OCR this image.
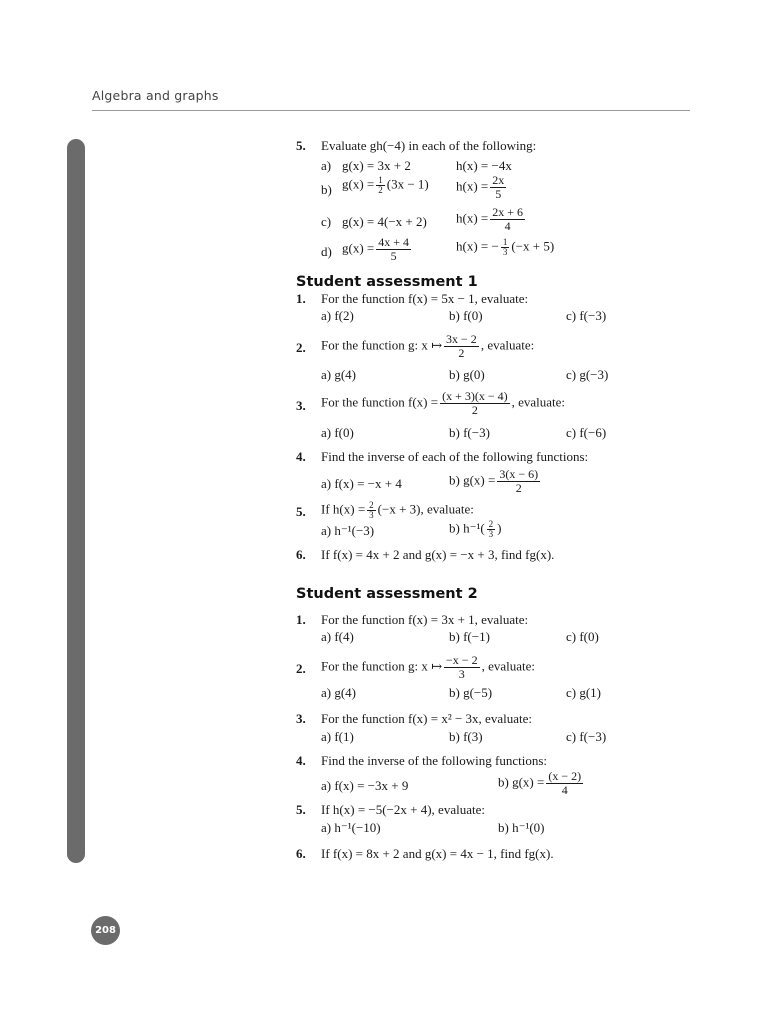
Algebra and graphs
208
5. Evaluate gh(−4) in each of the following:
a) g(x) = 3x + 2	h(x) = −4x
b) $g(x) = \frac{1}{2} (3x - 1) h(x) = \frac{2x}{5}$
c) g(x) = 4(−x + 2) $h(x) = \frac{2x + 6}{4}$
d) $g(x) = \frac{4x + 4}{5}$	h(x) = − $\frac{1}{3} (-x + 5)$
Student assessment 1
1. For the function f(x) = 5x − 1, evaluate:
a) f(2)	b) f(0)	c) f(−3)
2. For the function g: x ↦ $\frac{3x - 2}{2}$ , evaluate:
a) g(4)	b) g(0)	c) g(−3)
3. For the function $f(x) = \frac{(x + 3)(x - 4)}{2}$ , evaluate:
a) f(0)	b) f(−3)	c) f(−6)
4. Find the inverse of each of the following functions:
a) f(x) = −x + 4	b) $g(x) = \frac{3(x - 6)}{2}$
5. If $h(x) = \frac{2}{3} (-x + 3)$, evaluate:
a) h⁻¹(−3)	b) $h^{-1}( \frac{2}{3}$ )
6. If f(x) = 4x + 2 and g(x) = −x + 3, find fg(x).
Student assessment 2
1. For the function f(x) = 3x + 1, evaluate:
a) f(4)	b) f(−1)	c) f(0)
2. For the function g: x ↦ $\frac{-x - 2}{3}$ , evaluate:
a) g(4)	b) g(−5)	c) g(1)
3. For the function f(x) = x² − 3x, evaluate:
a) f(1)	b) f(3)	c) f(−3)
4. Find the inverse of the following functions:
a) f(x) = −3x + 9	b) $g(x) = \frac{(x - 2)}{4}$
5. If h(x) = −5(−2x + 4), evaluate:
a) h⁻¹(−10)	b) h⁻¹(0)
6. If f(x) = 8x + 2 and g(x) = 4x − 1, find fg(x).
